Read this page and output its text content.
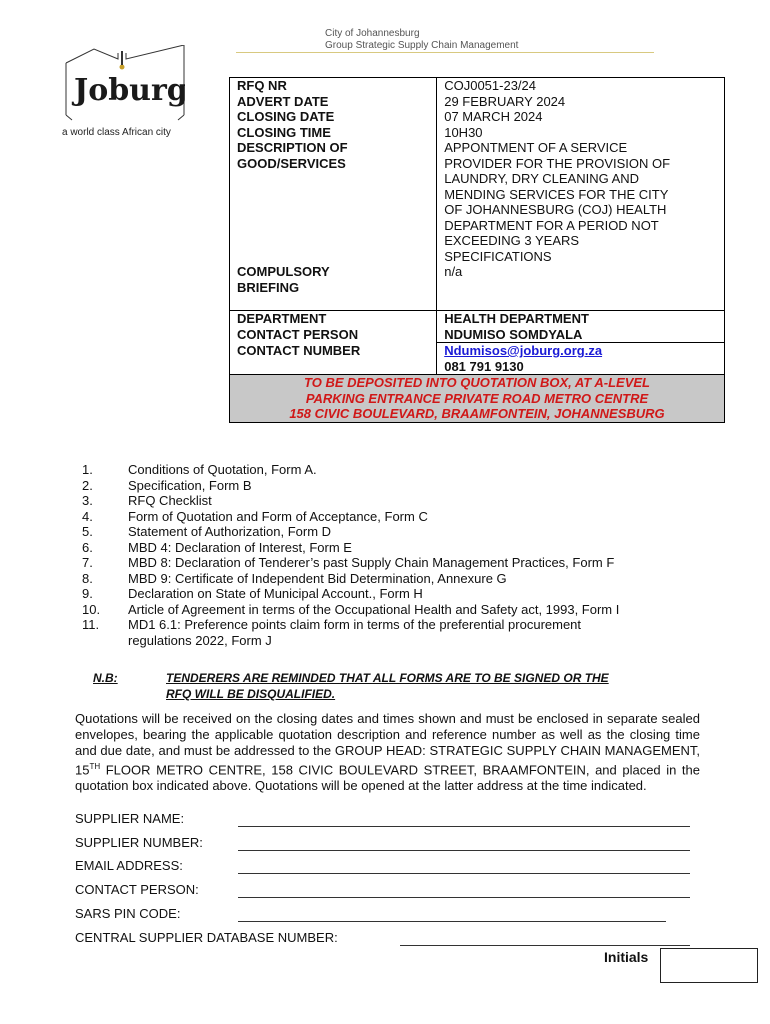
City of Johannesburg
Group Strategic Supply Chain Management
Joburg
a world class African city
RFQ NR	COJ0051-23/24
ADVERT DATE	29 FEBRUARY 2024
CLOSING DATE	07 MARCH 2024
CLOSING TIME	10H30

DESCRIPTION OF
GOOD/SERVICES	APPONTMENT OF A SERVICE PROVIDER FOR THE PROVISION OF LAUNDRY, DRY CLEANING AND MENDING SERVICES FOR THE CITY OF JOHANNESBURG (COJ) HEALTH DEPARTMENT FOR A PERIOD NOT EXCEEDING 3 YEARS SPECIFICATIONS

COMPULSORY
BRIEFING	n/a
DEPARTMENT	HEALTH DEPARTMENT
CONTACT PERSON	NDUMISO SOMDYALA
CONTACT NUMBER	Ndumisos@joburg.org.za
081 791 9130

TO BE DEPOSITED INTO QUOTATION BOX, AT A-LEVEL
PARKING ENTRANCE PRIVATE ROAD METRO CENTRE
158 CIVIC BOULEVARD, BRAAMFONTEIN, JOHANNESBURG	
1.	Conditions of Quotation, Form A.
2.	Specification, Form B
3.	RFQ Checklist
4.	Form of Quotation and Form of Acceptance, Form C
5.	Statement of Authorization, Form D
6.	MBD 4: Declaration of Interest, Form E
7.	MBD 8: Declaration of Tenderer’s past Supply Chain Management Practices, Form F
8.	MBD 9: Certificate of Independent Bid Determination, Annexure G
9.	Declaration on State of Municipal Account., Form H
10.	Article of Agreement in terms of the Occupational Health and Safety act, 1993, Form I
11.	MD1 6.1: Preference points claim form in terms of the preferential procurement
regulations 2022, Form J
N.B:	TENDERERS ARE REMINDED THAT ALL FORMS ARE TO BE SIGNED OR THE
RFQ WILL BE DISQUALIFIED.
Quotations will be received on the closing dates and times shown and must be enclosed in separate sealed envelopes, bearing the applicable quotation description and reference number as well as the closing time and due date, and must be addressed to the GROUP HEAD: STRATEGIC SUPPLY CHAIN MANAGEMENT, 15TH FLOOR METRO CENTRE, 158 CIVIC BOULEVARD STREET, BRAAMFONTEIN, and placed in the quotation box indicated above. Quotations will be opened at the latter address at the time indicated.
SUPPLIER NAME:
SUPPLIER NUMBER:
EMAIL ADDRESS:
CONTACT PERSON:
SARS PIN CODE:
CENTRAL SUPPLIER DATABASE NUMBER:
Initials
